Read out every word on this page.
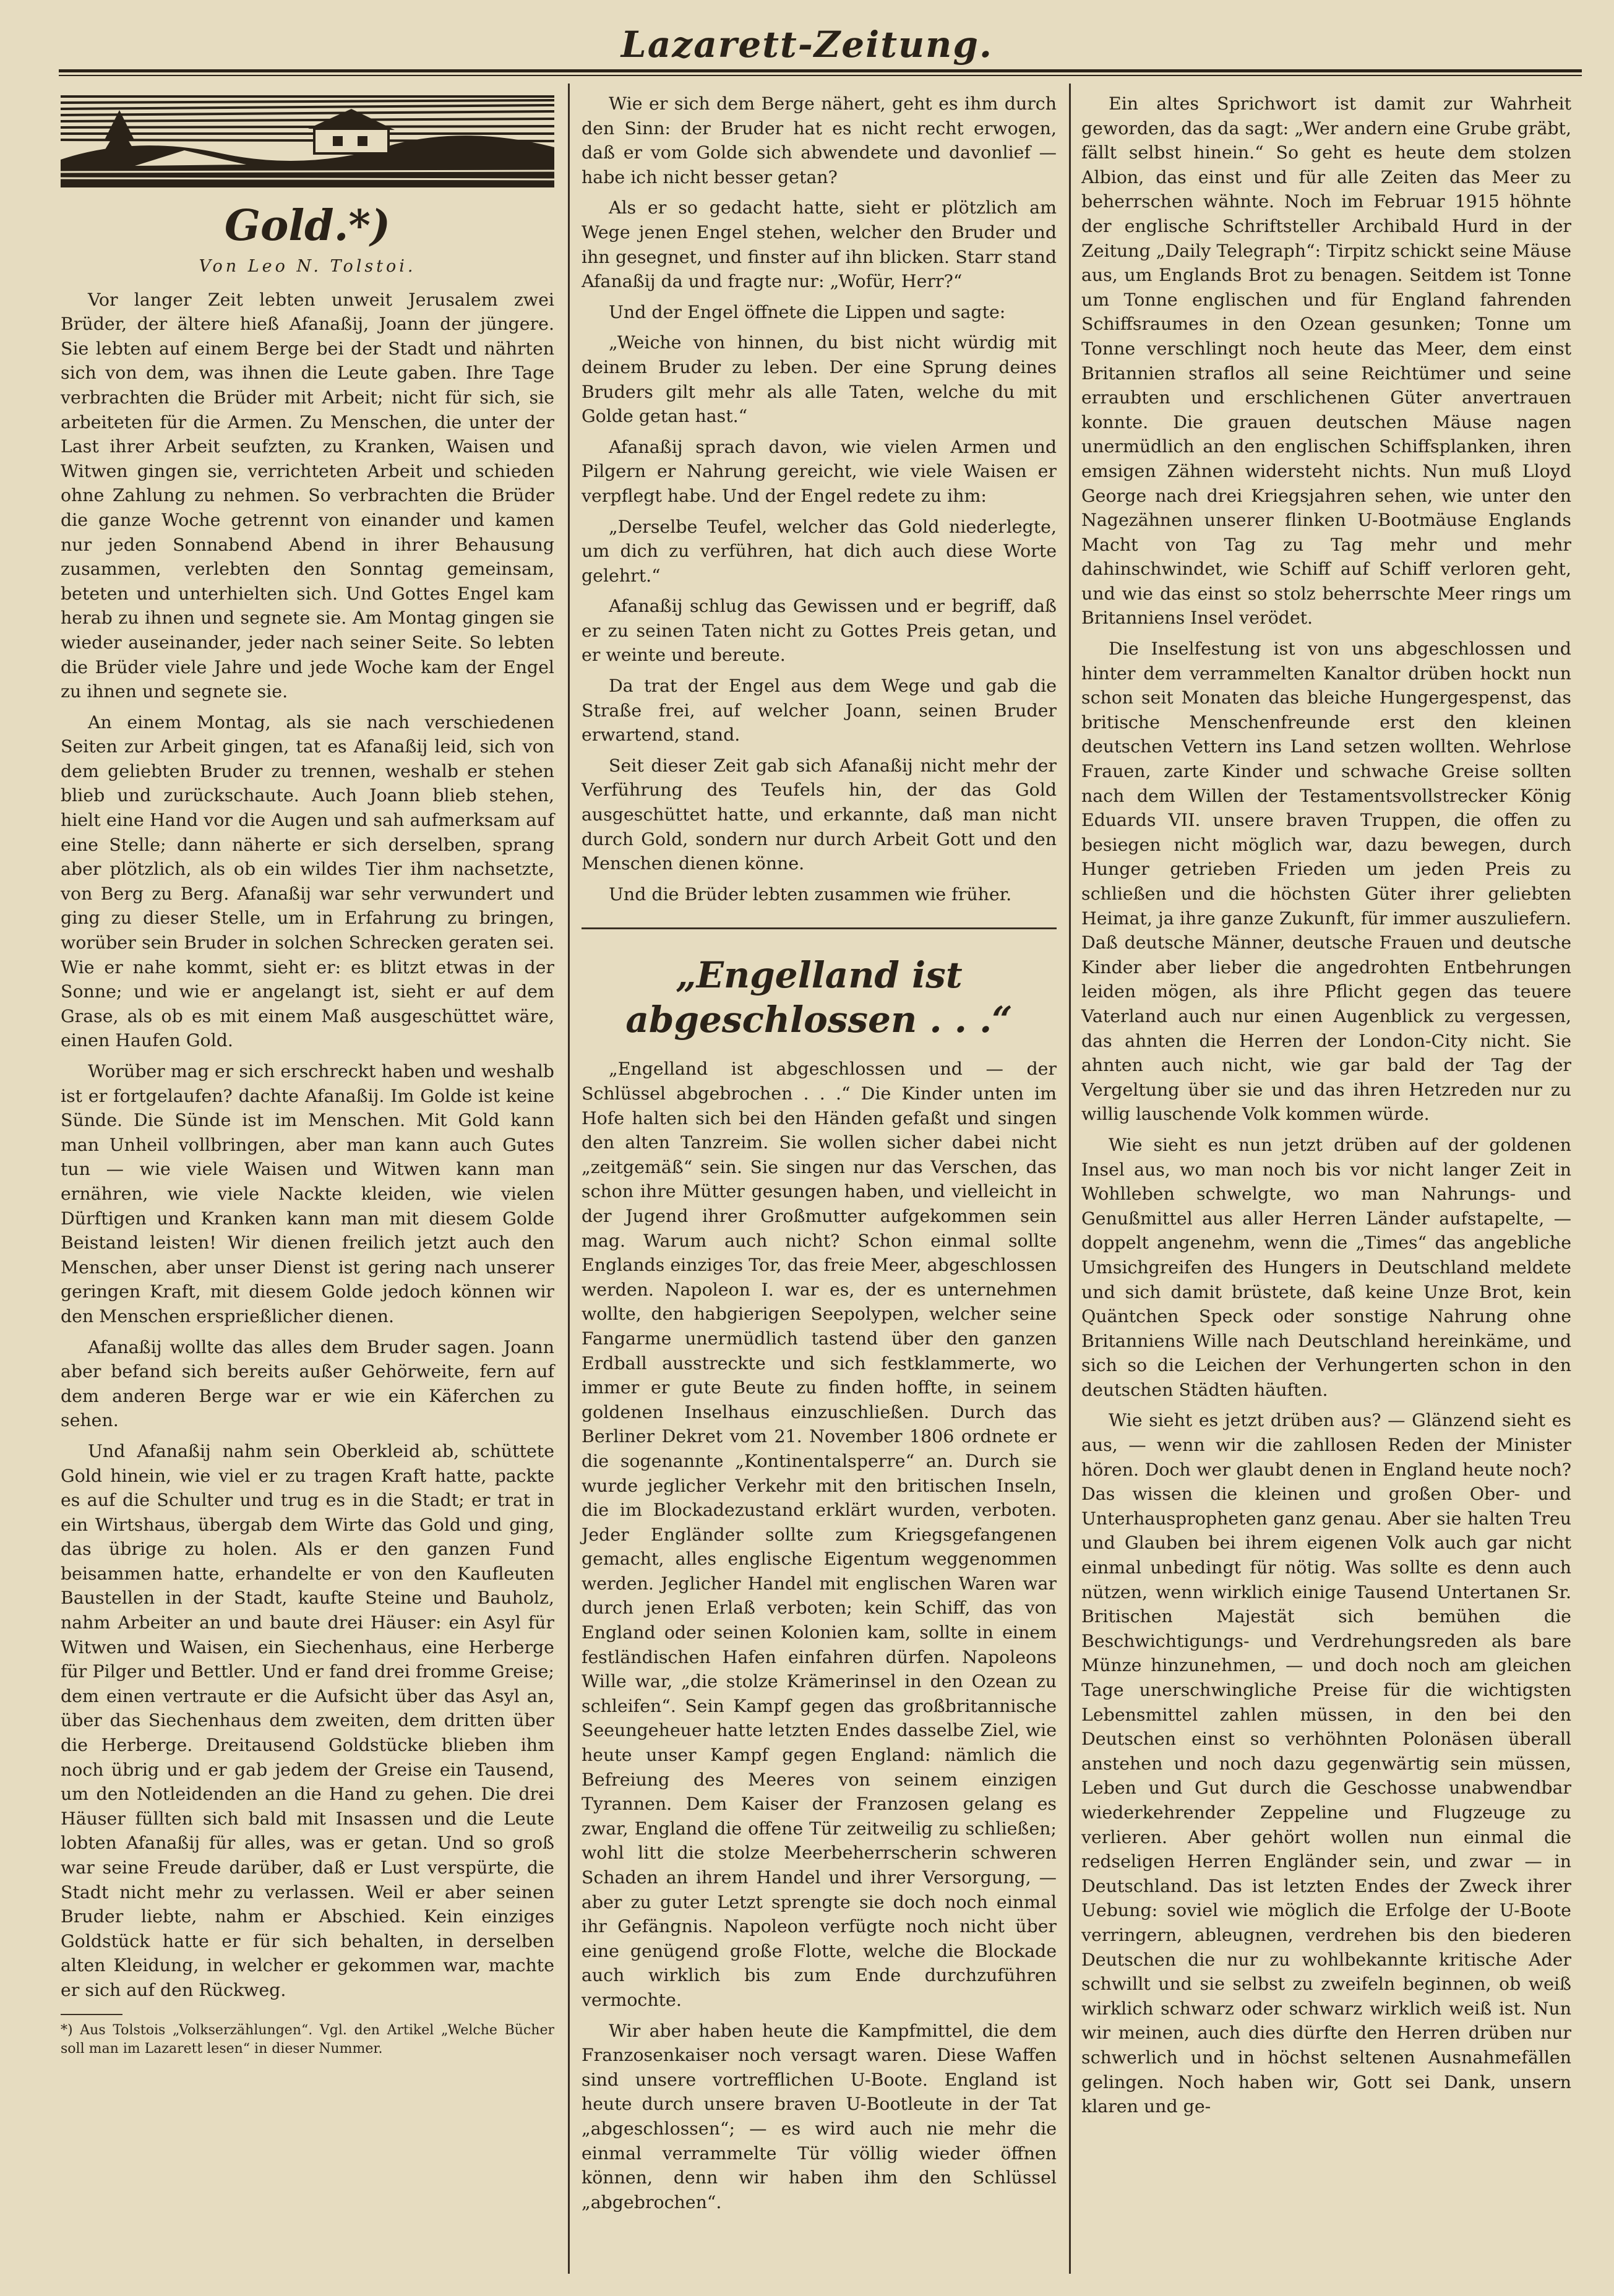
Lazarett-Zeitung.
Gold.*)
Von Leo N. Tolstoi.

Vor langer Zeit lebten unweit Jerusalem zwei Brüder, der ältere hieß Afanaßij, Joann der jüngere. Sie lebten auf einem Berge bei der Stadt und nährten sich von dem, was ihnen die Leute gaben. Ihre Tage verbrachten die Brüder mit Arbeit; nicht für sich, sie arbeiteten für die Armen. Zu Menschen, die unter der Last ihrer Arbeit seufzten, zu Kranken, Waisen und Witwen gingen sie, verrichteten Arbeit und schieden ohne Zahlung zu nehmen. So verbrachten die Brüder die ganze Woche getrennt von einander und kamen nur jeden Sonnabend Abend in ihrer Behausung zusammen, verlebten den Sonntag gemeinsam, beteten und unterhielten sich. Und Gottes Engel kam herab zu ihnen und segnete sie. Am Montag gingen sie wieder auseinander, jeder nach seiner Seite. So lebten die Brüder viele Jahre und jede Woche kam der Engel zu ihnen und segnete sie.

An einem Montag, als sie nach verschiedenen Seiten zur Arbeit gingen, tat es Afanaßij leid, sich von dem geliebten Bruder zu trennen, weshalb er stehen blieb und zurückschaute. Auch Joann blieb stehen, hielt eine Hand vor die Augen und sah aufmerksam auf eine Stelle; dann näherte er sich derselben, sprang aber plötzlich, als ob ein wildes Tier ihm nachsetzte, von Berg zu Berg. Afanaßij war sehr verwundert und ging zu dieser Stelle, um in Erfahrung zu bringen, worüber sein Bruder in solchen Schrecken geraten sei. Wie er nahe kommt, sieht er: es blitzt etwas in der Sonne; und wie er angelangt ist, sieht er auf dem Grase, als ob es mit einem Maß ausgeschüttet wäre, einen Haufen Gold.

Worüber mag er sich erschreckt haben und weshalb ist er fortgelaufen? dachte Afanaßij. Im Golde ist keine Sünde. Die Sünde ist im Menschen. Mit Gold kann man Unheil vollbringen, aber man kann auch Gutes tun — wie viele Waisen und Witwen kann man ernähren, wie viele Nackte kleiden, wie vielen Dürftigen und Kranken kann man mit diesem Golde Beistand leisten! Wir dienen freilich jetzt auch den Menschen, aber unser Dienst ist gering nach unserer geringen Kraft, mit diesem Golde jedoch können wir den Menschen ersprießlicher dienen.

Afanaßij wollte das alles dem Bruder sagen. Joann aber befand sich bereits außer Gehörweite, fern auf dem anderen Berge war er wie ein Käferchen zu sehen.

Und Afanaßij nahm sein Oberkleid ab, schüttete Gold hinein, wie viel er zu tragen Kraft hatte, packte es auf die Schulter und trug es in die Stadt; er trat in ein Wirtshaus, übergab dem Wirte das Gold und ging, das übrige zu holen. Als er den ganzen Fund beisammen hatte, erhandelte er von den Kaufleuten Baustellen in der Stadt, kaufte Steine und Bauholz, nahm Arbeiter an und baute drei Häuser: ein Asyl für Witwen und Waisen, ein Siechenhaus, eine Herberge für Pilger und Bettler. Und er fand drei fromme Greise; dem einen vertraute er die Aufsicht über das Asyl an, über das Siechenhaus dem zweiten, dem dritten über die Herberge. Dreitausend Goldstücke blieben ihm noch übrig und er gab jedem der Greise ein Tausend, um den Notleidenden an die Hand zu gehen. Die drei Häuser füllten sich bald mit Insassen und die Leute lobten Afanaßij für alles, was er getan. Und so groß war seine Freude darüber, daß er Lust verspürte, die Stadt nicht mehr zu verlassen. Weil er aber seinen Bruder liebte, nahm er Abschied. Kein einziges Goldstück hatte er für sich behalten, in derselben alten Kleidung, in welcher er gekommen war, machte er sich auf den Rückweg.

*) Aus Tolstois „Volkserzählungen“. Vgl. den Artikel „Welche Bücher soll man im Lazarett lesen“ in dieser Nummer.

Wie er sich dem Berge nähert, geht es ihm durch den Sinn: der Bruder hat es nicht recht erwogen, daß er vom Golde sich abwendete und davonlief — habe ich nicht besser getan?

Als er so gedacht hatte, sieht er plötzlich am Wege jenen Engel stehen, welcher den Bruder und ihn gesegnet, und finster auf ihn blicken. Starr stand Afanaßij da und fragte nur: „Wofür, Herr?“

Und der Engel öffnete die Lippen und sagte:

„Weiche von hinnen, du bist nicht würdig mit deinem Bruder zu leben. Der eine Sprung deines Bruders gilt mehr als alle Taten, welche du mit Golde getan hast.“

Afanaßij sprach davon, wie vielen Armen und Pilgern er Nahrung gereicht, wie viele Waisen er verpflegt habe. Und der Engel redete zu ihm:

„Derselbe Teufel, welcher das Gold niederlegte, um dich zu verführen, hat dich auch diese Worte gelehrt.“

Afanaßij schlug das Gewissen und er begriff, daß er zu seinen Taten nicht zu Gottes Preis getan, und er weinte und bereute.

Da trat der Engel aus dem Wege und gab die Straße frei, auf welcher Joann, seinen Bruder erwartend, stand.

Seit dieser Zeit gab sich Afanaßij nicht mehr der Verführung des Teufels hin, der das Gold ausgeschüttet hatte, und erkannte, daß man nicht durch Gold, sondern nur durch Arbeit Gott und den Menschen dienen könne.

Und die Brüder lebten zusammen wie früher.

„Engelland ist abgeschlossen . . .“

„Engelland ist abgeschlossen und — der Schlüssel abgebrochen . . .“ Die Kinder unten im Hofe halten sich bei den Händen gefaßt und singen den alten Tanzreim. Sie wollen sicher dabei nicht „zeitgemäß“ sein. Sie singen nur das Verschen, das schon ihre Mütter gesungen haben, und vielleicht in der Jugend ihrer Großmutter aufgekommen sein mag. Warum auch nicht? Schon einmal sollte Englands einziges Tor, das freie Meer, abgeschlossen werden. Napoleon I. war es, der es unternehmen wollte, den habgierigen Seepolypen, welcher seine Fangarme unermüdlich tastend über den ganzen Erdball ausstreckte und sich festklammerte, wo immer er gute Beute zu finden hoffte, in seinem goldenen Inselhaus einzuschließen. Durch das Berliner Dekret vom 21. November 1806 ordnete er die sogenannte „Kontinentalsperre“ an. Durch sie wurde jeglicher Verkehr mit den britischen Inseln, die im Blockadezustand erklärt wurden, verboten. Jeder Engländer sollte zum Kriegsgefangenen gemacht, alles englische Eigentum weggenommen werden. Jeglicher Handel mit englischen Waren war durch jenen Erlaß verboten; kein Schiff, das von England oder seinen Kolonien kam, sollte in einem festländischen Hafen einfahren dürfen. Napoleons Wille war, „die stolze Krämerinsel in den Ozean zu schleifen“. Sein Kampf gegen das großbritannische Seeungeheuer hatte letzten Endes dasselbe Ziel, wie heute unser Kampf gegen England: nämlich die Befreiung des Meeres von seinem einzigen Tyrannen. Dem Kaiser der Franzosen gelang es zwar, England die offene Tür zeitweilig zu schließen; wohl litt die stolze Meerbeherrscherin schweren Schaden an ihrem Handel und ihrer Versorgung, — aber zu guter Letzt sprengte sie doch noch einmal ihr Gefängnis. Napoleon verfügte noch nicht über eine genügend große Flotte, welche die Blockade auch wirklich bis zum Ende durchzuführen vermochte.

Wir aber haben heute die Kampfmittel, die dem Franzosenkaiser noch versagt waren. Diese Waffen sind unsere vortrefflichen U-Boote. England ist heute durch unsere braven U-Bootleute in der Tat „abgeschlossen“; — es wird auch nie mehr die einmal verrammelte Tür völlig wieder öffnen können, denn wir haben ihm den Schlüssel „abgebrochen“.

Ein altes Sprichwort ist damit zur Wahrheit geworden, das da sagt: „Wer andern eine Grube gräbt, fällt selbst hinein.“ So geht es heute dem stolzen Albion, das einst und für alle Zeiten das Meer zu beherrschen wähnte. Noch im Februar 1915 höhnte der englische Schriftsteller Archibald Hurd in der Zeitung „Daily Telegraph“: Tirpitz schickt seine Mäuse aus, um Englands Brot zu benagen. Seitdem ist Tonne um Tonne englischen und für England fahrenden Schiffsraumes in den Ozean gesunken; Tonne um Tonne verschlingt noch heute das Meer, dem einst Britannien straflos all seine Reichtümer und seine erraubten und erschlichenen Güter anvertrauen konnte. Die grauen deutschen Mäuse nagen unermüdlich an den englischen Schiffsplanken, ihren emsigen Zähnen widersteht nichts. Nun muß Lloyd George nach drei Kriegsjahren sehen, wie unter den Nagezähnen unserer flinken U-Bootmäuse Englands Macht von Tag zu Tag mehr und mehr dahinschwindet, wie Schiff auf Schiff verloren geht, und wie das einst so stolz beherrschte Meer rings um Britanniens Insel verödet.

Die Inselfestung ist von uns abgeschlossen und hinter dem verrammelten Kanaltor drüben hockt nun schon seit Monaten das bleiche Hungergespenst, das britische Menschenfreunde erst den kleinen deutschen Vettern ins Land setzen wollten. Wehrlose Frauen, zarte Kinder und schwache Greise sollten nach dem Willen der Testamentsvollstrecker König Eduards VII. unsere braven Truppen, die offen zu besiegen nicht möglich war, dazu bewegen, durch Hunger getrieben Frieden um jeden Preis zu schließen und die höchsten Güter ihrer geliebten Heimat, ja ihre ganze Zukunft, für immer auszuliefern. Daß deutsche Männer, deutsche Frauen und deutsche Kinder aber lieber die angedrohten Entbehrungen leiden mögen, als ihre Pflicht gegen das teuere Vaterland auch nur einen Augenblick zu vergessen, das ahnten die Herren der London-City nicht. Sie ahnten auch nicht, wie gar bald der Tag der Vergeltung über sie und das ihren Hetzreden nur zu willig lauschende Volk kommen würde.

Wie sieht es nun jetzt drüben auf der goldenen Insel aus, wo man noch bis vor nicht langer Zeit in Wohlleben schwelgte, wo man Nahrungs- und Genußmittel aus aller Herren Länder aufstapelte, — doppelt angenehm, wenn die „Times“ das angebliche Umsichgreifen des Hungers in Deutschland meldete und sich damit brüstete, daß keine Unze Brot, kein Quäntchen Speck oder sonstige Nahrung ohne Britanniens Wille nach Deutschland hereinkäme, und sich so die Leichen der Verhungerten schon in den deutschen Städten häuften.

Wie sieht es jetzt drüben aus? — Glänzend sieht es aus, — wenn wir die zahllosen Reden der Minister hören. Doch wer glaubt denen in England heute noch? Das wissen die kleinen und großen Ober- und Unterhauspropheten ganz genau. Aber sie halten Treu und Glauben bei ihrem eigenen Volk auch gar nicht einmal unbedingt für nötig. Was sollte es denn auch nützen, wenn wirklich einige Tausend Untertanen Sr. Britischen Majestät sich bemühen die Beschwichtigungs- und Verdrehungsreden als bare Münze hinzunehmen, — und doch noch am gleichen Tage unerschwingliche Preise für die wichtigsten Lebensmittel zahlen müssen, in den bei den Deutschen einst so verhöhnten Polonäsen überall anstehen und noch dazu gegenwärtig sein müssen, Leben und Gut durch die Geschosse unabwendbar wiederkehrender Zeppeline und Flugzeuge zu verlieren. Aber gehört wollen nun einmal die redseligen Herren Engländer sein, und zwar — in Deutschland. Das ist letzten Endes der Zweck ihrer Uebung: soviel wie möglich die Erfolge der U-Boote verringern, ableugnen, verdrehen bis den biederen Deutschen die nur zu wohlbekannte kritische Ader schwillt und sie selbst zu zweifeln beginnen, ob weiß wirklich schwarz oder schwarz wirklich weiß ist. Nun wir meinen, auch dies dürfte den Herren drüben nur schwerlich und in höchst seltenen Ausnahmefällen gelingen. Noch haben wir, Gott sei Dank, unsern klaren und ge-
